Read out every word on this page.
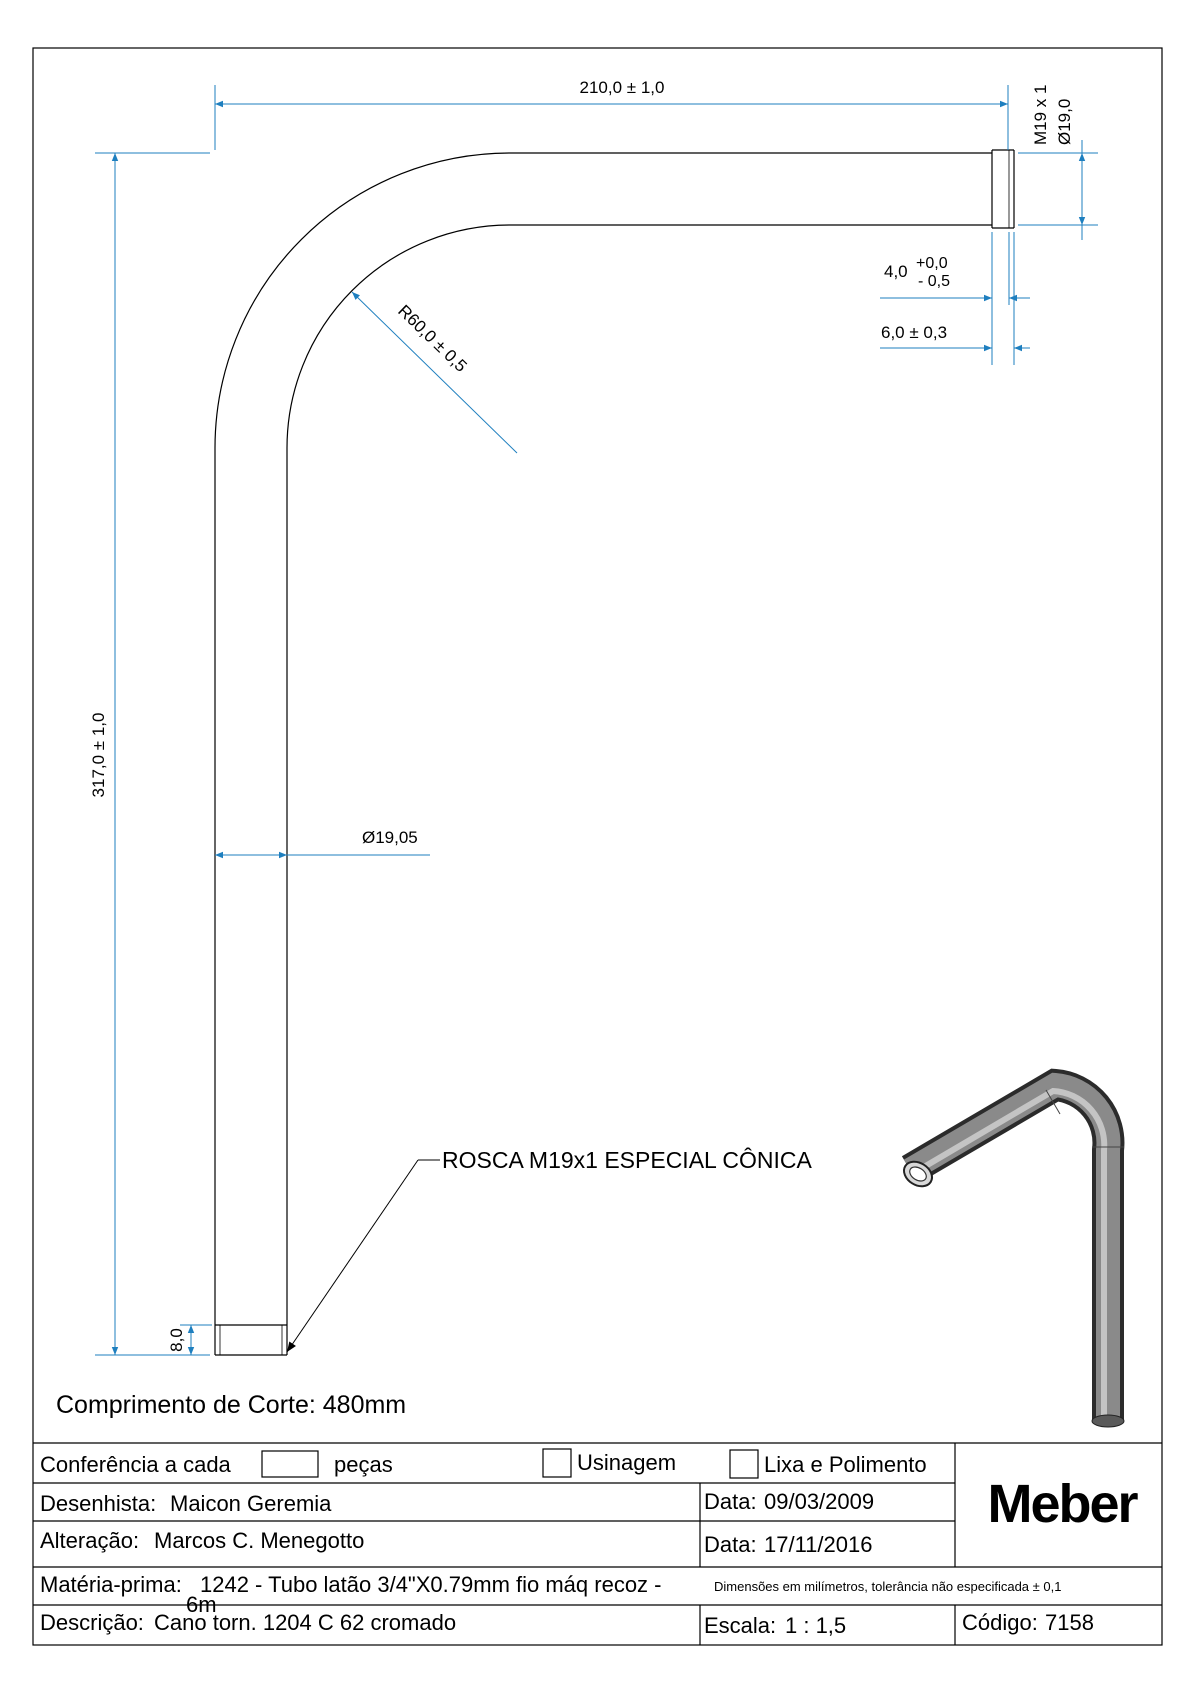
210,0 ± 1,0	M19 x 1 Ø19,0
317,0 ± 1,0
R60,0 ± 0,5
Ø19,05
4,0 +0,0
- 0,5
6,0 ± 0,3
8,0
ROSCA M19x1 ESPECIAL CÔNICA
Comprimento de Corte: 480mm
Conferência a cada	peças	Usinagem	Lixa e Polimento
Desenhista: Maicon Geremia	Data: 09/03/2009
Alteração: Marcos C. Menegotto	Data: 17/11/2016
Meber
Matéria-prima: 1242 - Tubo latão 3/4"X0.79mm fio máq recoz -
6m
Dimensões em milímetros, tolerância não especificada ± 0,1
Descrição: Cano torn. 1204 C 62 cromado	Escala: 1 : 1,5	Código: 7158
